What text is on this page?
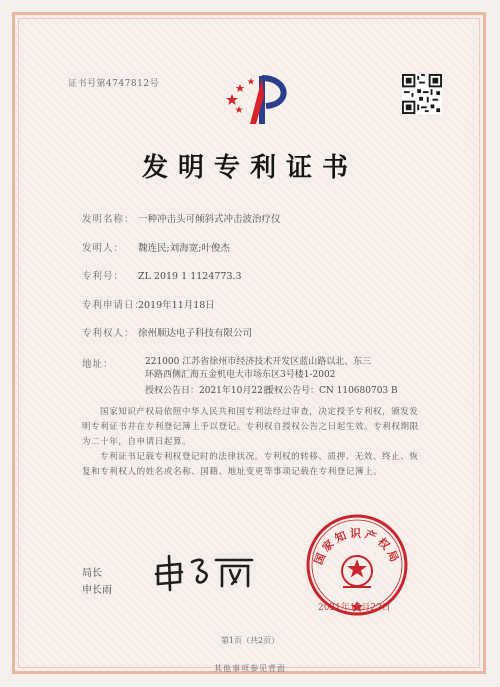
证书号第4747812号
发明专利证书
发明名称： 一种冲击头可倾斜式冲击波治疗仪
发明人： 魏连民;刘海宽;叶俊杰
专利号： ZL 2019 1 1124773.3
专利申请日：2019年11月18日
专利权人： 徐州顺达电子科技有限公司
地址：	221000 江苏省徐州市经济技术开发区蓝山路以北、东三
环路西侧汇海五金机电大市场东区3号楼1-2002
授权公告日：2021年10月22日
授权公告号：CN 110680703 B

国家知识产权局依照中华人民共和国专利法经过审查，决定授予专利权，颁发发明专利证书并在专利登记簿上予以登记。专利权自授权公告之日起生效。专利权期限为二十年，自申请日起算。

专利证书记载专利权登记时的法律状况。专利权的转移、质押、无效、终止、恢复和专利权人的姓名或名称、国籍、地址变更等事项记载在专利登记簿上。

局长
申长雨
国家知识产权局
2021年10月22日
第1页（共2页）
其他事项参见背面
